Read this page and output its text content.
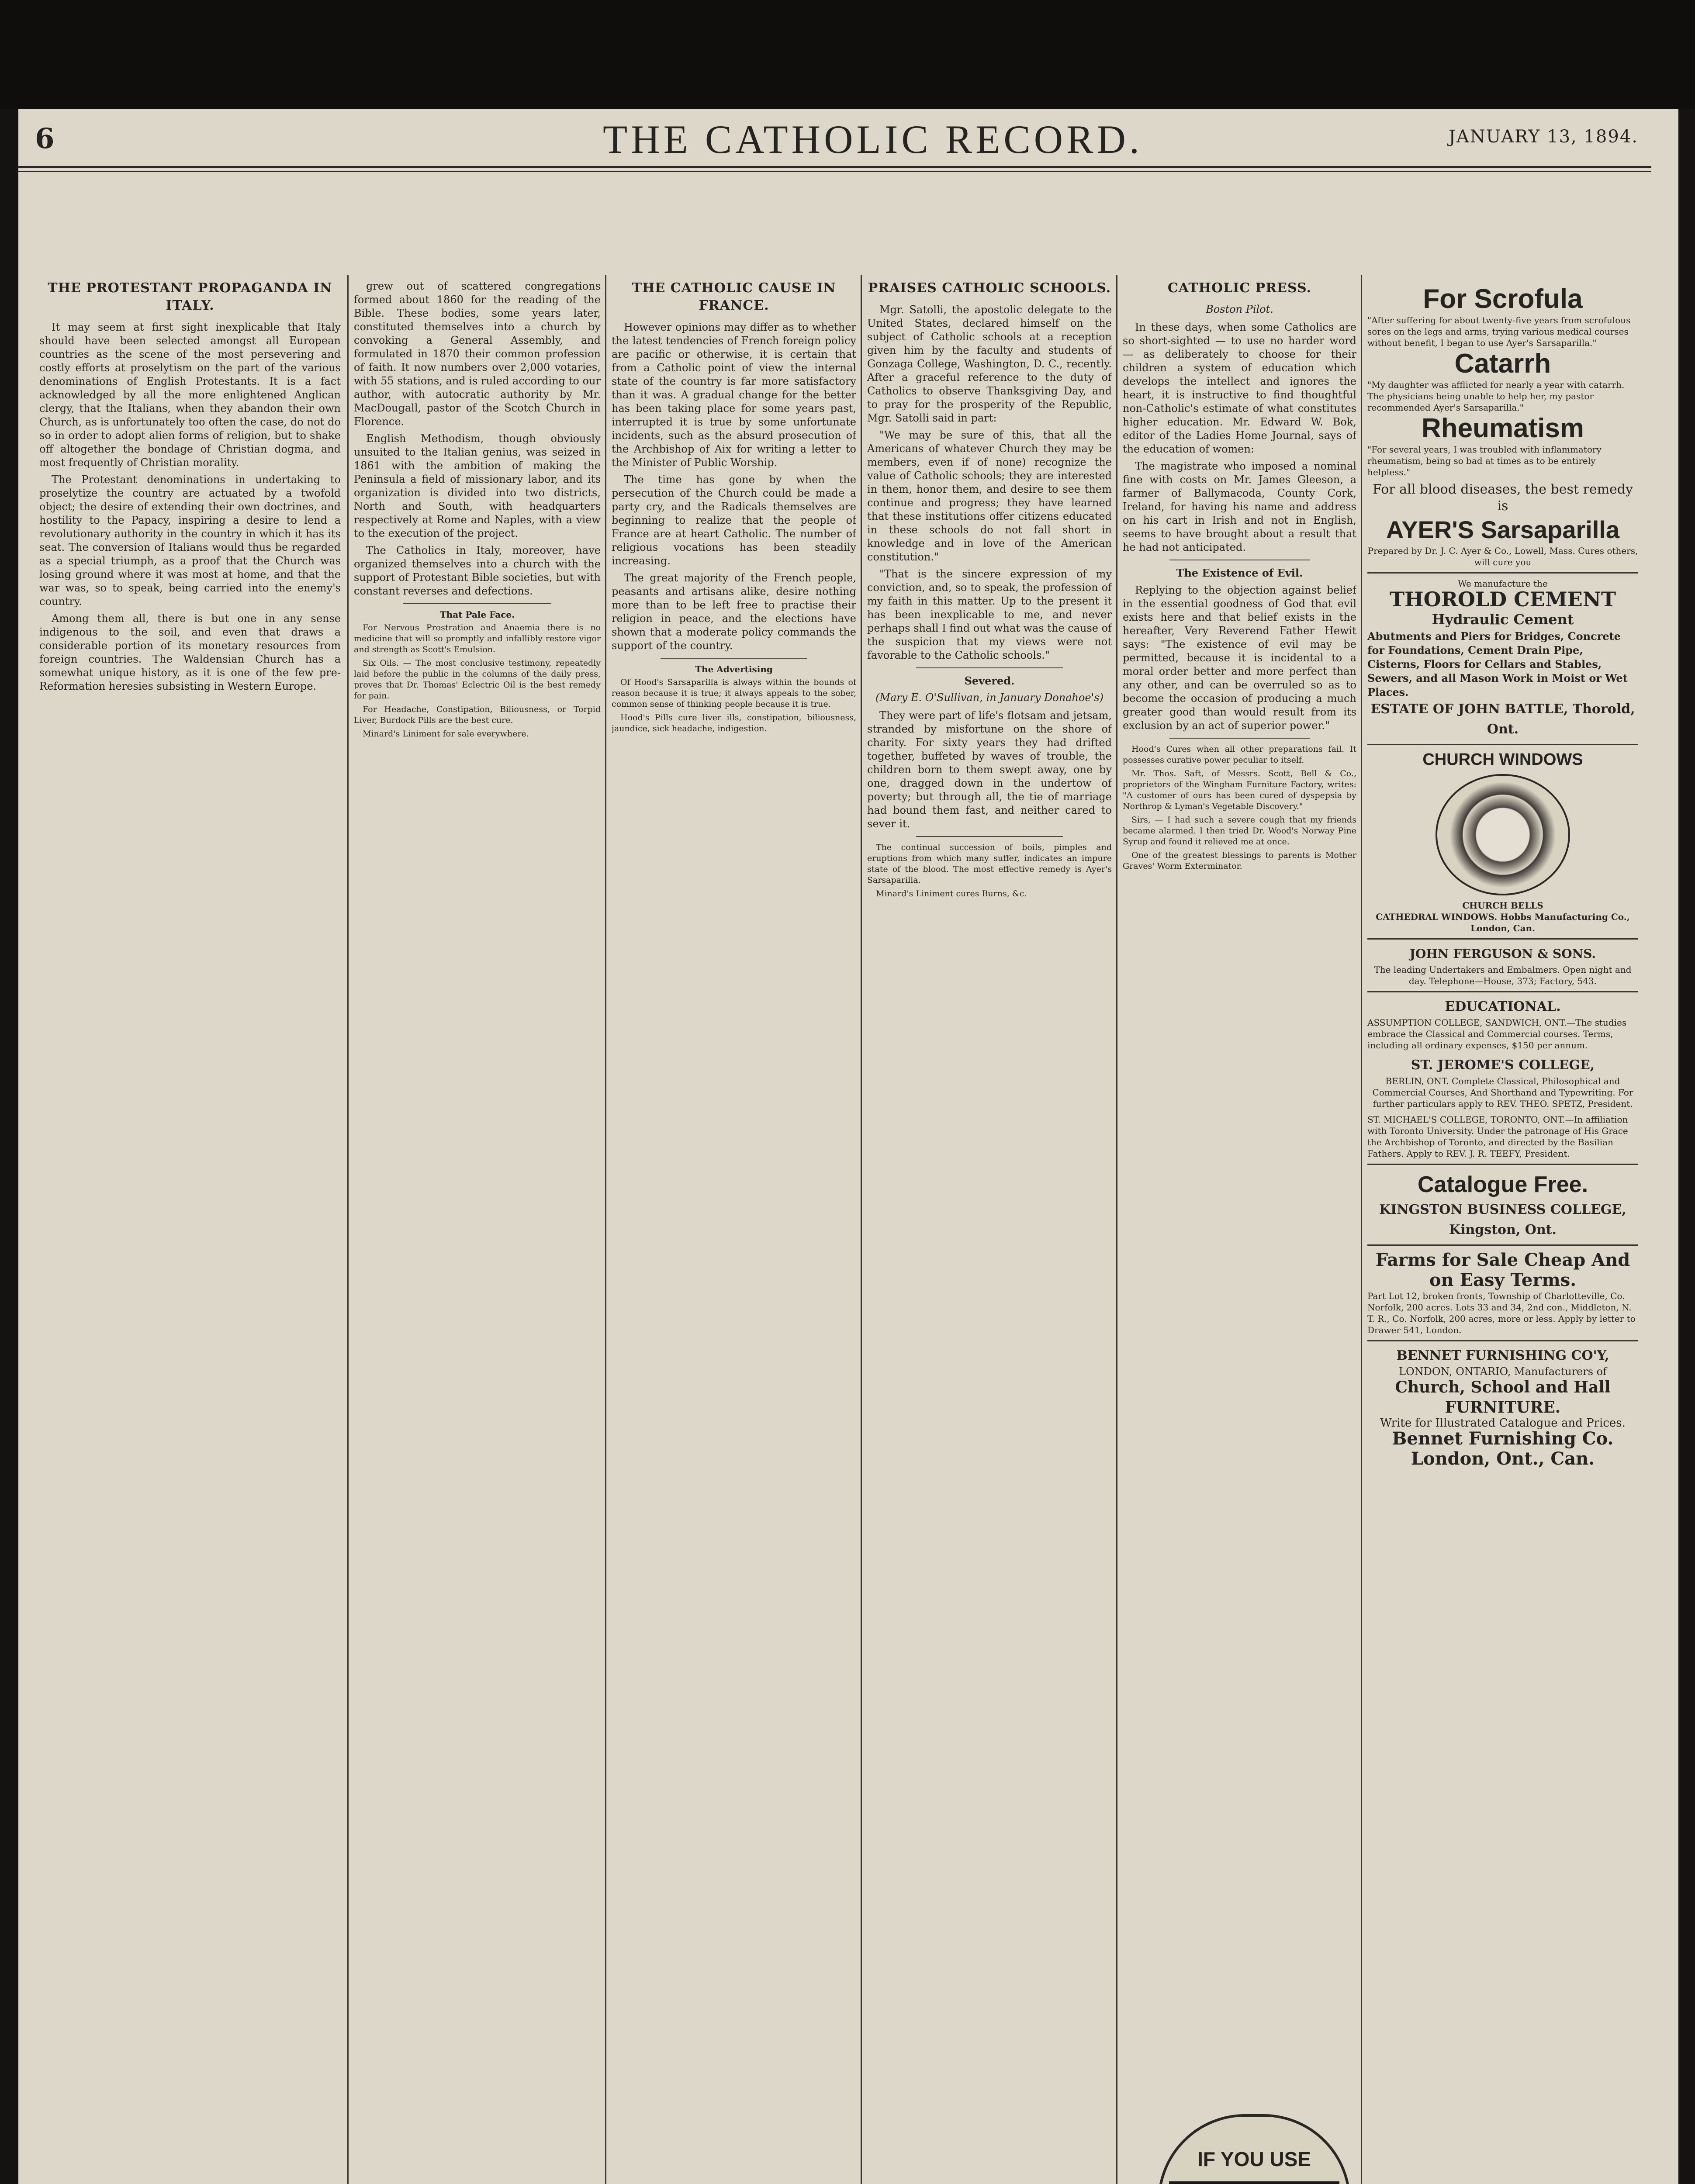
6	THE CATHOLIC RECORD.	JANUARY 13, 1894.
THE PROTESTANT PROPAGANDA IN ITALY.

It may seem at first sight inexplicable that Italy should have been selected amongst all European countries as the scene of the most persevering and costly efforts at proselytism on the part of the various denominations of English Protestants. It is a fact acknowledged by all the more enlightened Anglican clergy, that the Italians, when they abandon their own Church, as is unfortunately too often the case, do not do so in order to adopt alien forms of religion, but to shake off altogether the bondage of Christian dogma, and most frequently of Christian morality.

The Protestant denominations in undertaking to proselytize the country are actuated by a twofold object; the desire of extending their own doctrines, and hostility to the Papacy, inspiring a desire to lend a revolutionary authority in the country in which it has its seat. The conversion of Italians would thus be regarded as a special triumph, as a proof that the Church was losing ground where it was most at home, and that the war was, so to speak, being carried into the enemy's country.

Among them all, there is but one in any sense indigenous to the soil, and even that draws a considerable portion of its monetary resources from foreign countries. The Waldensian Church has a somewhat unique history, as it is one of the few pre-Reformation heresies subsisting in Western Europe.

grew out of scattered congregations formed about 1860 for the reading of the Bible. These bodies, some years later, constituted themselves into a church by convoking a General Assembly, and formulated in 1870 their common profession of faith. It now numbers over 2,000 votaries, with 55 stations, and is ruled according to our author, with autocratic authority by Mr. MacDougall, pastor of the Scotch Church in Florence.

English Methodism, though obviously unsuited to the Italian genius, was seized in 1861 with the ambition of making the Peninsula a field of missionary labor, and its organization is divided into two districts, North and South, with headquarters respectively at Rome and Naples, with a view to the execution of the project.

The Catholics in Italy, moreover, have organized themselves into a church with the support of Protestant Bible societies, but with constant reverses and defections.

That Pale Face.

For Nervous Prostration and Anaemia there is no medicine that will so promptly and infallibly restore vigor and strength as Scott's Emulsion.

Six Oils. — The most conclusive testimony, repeatedly laid before the public in the columns of the daily press, proves that Dr. Thomas' Eclectric Oil is the best remedy for pain.

For Headache, Constipation, Biliousness, or Torpid Liver, Burdock Pills are the best cure.

Minard's Liniment for sale everywhere.

THE CATHOLIC CAUSE IN FRANCE.

However opinions may differ as to whether the latest tendencies of French foreign policy are pacific or otherwise, it is certain that from a Catholic point of view the internal state of the country is far more satisfactory than it was. A gradual change for the better has been taking place for some years past, interrupted it is true by some unfortunate incidents, such as the absurd prosecution of the Archbishop of Aix for writing a letter to the Minister of Public Worship.

The time has gone by when the persecution of the Church could be made a party cry, and the Radicals themselves are beginning to realize that the people of France are at heart Catholic. The number of religious vocations has been steadily increasing.

The great majority of the French people, peasants and artisans alike, desire nothing more than to be left free to practise their religion in peace, and the elections have shown that a moderate policy commands the support of the country.

The Advertising

Of Hood's Sarsaparilla is always within the bounds of reason because it is true; it always appeals to the sober, common sense of thinking people because it is true.

Hood's Pills cure liver ills, constipation, biliousness, jaundice, sick headache, indigestion.

PRAISES CATHOLIC SCHOOLS.

Mgr. Satolli, the apostolic delegate to the United States, declared himself on the subject of Catholic schools at a reception given him by the faculty and students of Gonzaga College, Washington, D. C., recently. After a graceful reference to the duty of Catholics to observe Thanksgiving Day, and to pray for the prosperity of the Republic, Mgr. Satolli said in part:

"We may be sure of this, that all the Americans of whatever Church they may be members, even if of none) recognize the value of Catholic schools; they are interested in them, honor them, and desire to see them continue and progress; they have learned that these institutions offer citizens educated in these schools do not fall short in knowledge and in love of the American constitution."

"That is the sincere expression of my conviction, and, so to speak, the profession of my faith in this matter. Up to the present it has been inexplicable to me, and never perhaps shall I find out what was the cause of the suspicion that my views were not favorable to the Catholic schools."

Severed.
(Mary E. O'Sullivan, in January Donahoe's)

They were part of life's flotsam and jetsam, stranded by misfortune on the shore of charity. For sixty years they had drifted together, buffeted by waves of trouble, the children born to them swept away, one by one, dragged down in the undertow of poverty; but through all, the tie of marriage had bound them fast, and neither cared to sever it.

The continual succession of boils, pimples and eruptions from which many suffer, indicates an impure state of the blood. The most effective remedy is Ayer's Sarsaparilla.

Minard's Liniment cures Burns, &c.

CATHOLIC PRESS.
Boston Pilot.

In these days, when some Catholics are so short-sighted — to use no harder word — as deliberately to choose for their children a system of education which develops the intellect and ignores the heart, it is instructive to find thoughtful non-Catholic's estimate of what constitutes higher education. Mr. Edward W. Bok, editor of the Ladies Home Journal, says of the education of women:

The magistrate who imposed a nominal fine with costs on Mr. James Gleeson, a farmer of Ballymacoda, County Cork, Ireland, for having his name and address on his cart in Irish and not in English, seems to have brought about a result that he had not anticipated.

The Existence of Evil.

Replying to the objection against belief in the essential goodness of God that evil exists here and that belief exists in the hereafter, Very Reverend Father Hewit says: "The existence of evil may be permitted, because it is incidental to a moral order better and more perfect than any other, and can be overruled so as to become the occasion of producing a much greater good than would result from its exclusion by an act of superior power."

Hood's Cures when all other preparations fail. It possesses curative power peculiar to itself.

Mr. Thos. Saft, of Messrs. Scott, Bell & Co., proprietors of the Wingham Furniture Factory, writes: "A customer of ours has been cured of dyspepsia by Northrop & Lyman's Vegetable Discovery."

Sirs, — I had such a severe cough that my friends became alarmed. I then tried Dr. Wood's Norway Pine Syrup and found it relieved me at once.

One of the greatest blessings to parents is Mother Graves' Worm Exterminator.

IF YOU USE
For Scrofula
"After suffering for about twenty-five years from scrofulous sores on the legs and arms, trying various medical courses without benefit, I began to use Ayer's Sarsaparilla."
Catarrh
"My daughter was afflicted for nearly a year with catarrh. The physicians being unable to help her, my pastor recommended Ayer's Sarsaparilla."
Rheumatism
"For several years, I was troubled with inflammatory rheumatism, being so bad at times as to be entirely helpless."
For all blood diseases, the best remedy is
AYER'S Sarsaparilla
Prepared by Dr. J. C. Ayer & Co., Lowell, Mass. Cures others, will cure you
We manufacture the
THOROLD CEMENT
Hydraulic Cement
Abutments and Piers for Bridges, Concrete for Foundations, Cement Drain Pipe, Cisterns, Floors for Cellars and Stables, Sewers, and all Mason Work in Moist or Wet Places.
ESTATE OF JOHN BATTLE, Thorold, Ont.
CHURCH WINDOWS
CHURCH BELLS
CATHEDRAL WINDOWS. Hobbs Manufacturing Co., London, Can.
JOHN FERGUSON & SONS.
The leading Undertakers and Embalmers. Open night and day. Telephone—House, 373; Factory, 543.
EDUCATIONAL.
ASSUMPTION COLLEGE, SANDWICH, ONT.—The studies embrace the Classical and Commercial courses. Terms, including all ordinary expenses, $150 per annum.
ST. JEROME'S COLLEGE,
BERLIN, ONT. Complete Classical, Philosophical and Commercial Courses, And Shorthand and Typewriting. For further particulars apply to REV. THEO. SPETZ, President.
ST. MICHAEL'S COLLEGE, TORONTO, ONT.—In affiliation with Toronto University. Under the patronage of His Grace the Archbishop of Toronto, and directed by the Basilian Fathers. Apply to REV. J. R. TEEFY, President.
Catalogue Free.
KINGSTON BUSINESS COLLEGE, Kingston, Ont.
Farms for Sale Cheap And on Easy Terms.
Part Lot 12, broken fronts, Township of Charlotteville, Co. Norfolk, 200 acres. Lots 33 and 34, 2nd con., Middleton, N. T. R., Co. Norfolk, 200 acres, more or less. Apply by letter to Drawer 541, London.
BENNET FURNISHING CO'Y,
LONDON, ONTARIO, Manufacturers of
Church, School and Hall FURNITURE.
Write for Illustrated Catalogue and Prices.
Bennet Furnishing Co. London, Ont., Can.
